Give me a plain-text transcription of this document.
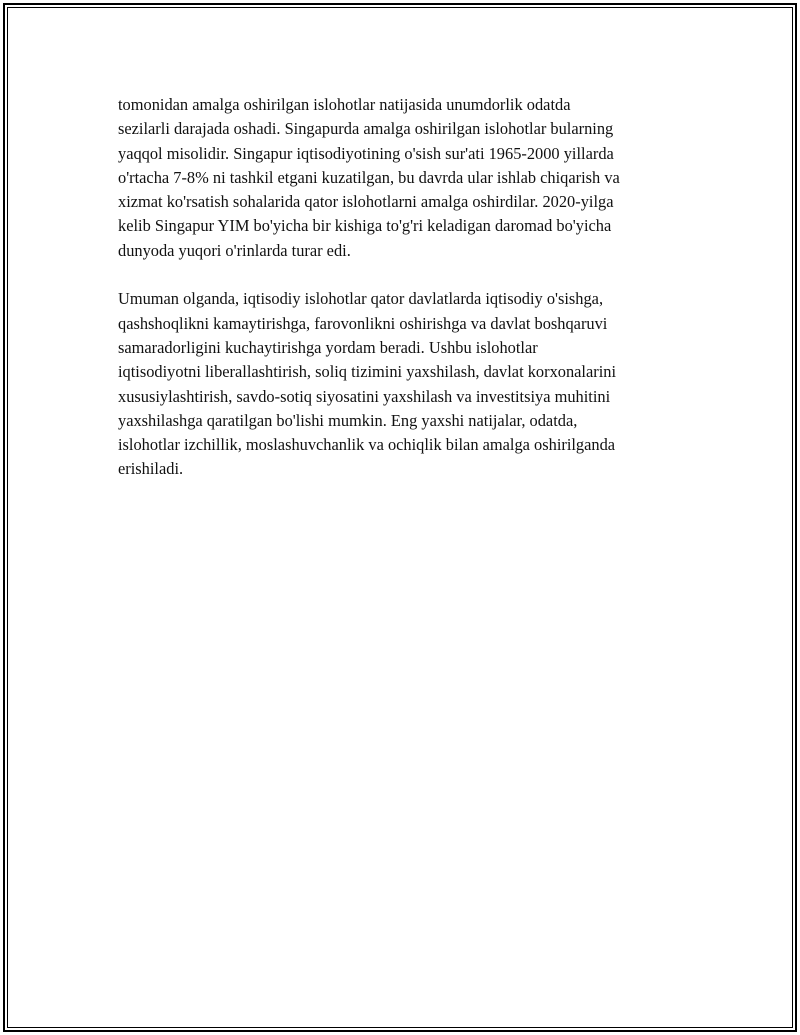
tomonidan amalga oshirilgan islohotlar natijasida unumdorlik odatda
sezilarli darajada oshadi. Singapurda amalga oshirilgan islohotlar bularning
yaqqol misolidir. Singapur iqtisodiyotining o'sish sur'ati 1965-2000 yillarda
o'rtacha 7-8% ni tashkil etgani kuzatilgan, bu davrda ular ishlab chiqarish va
xizmat ko'rsatish sohalarida qator islohotlarni amalga oshirdilar. 2020-yilga
kelib Singapur YIM bo'yicha bir kishiga to'g'ri keladigan daromad bo'yicha
dunyoda yuqori o'rinlarda turar edi.

Umuman olganda, iqtisodiy islohotlar qator davlatlarda iqtisodiy o'sishga,
qashshoqlikni kamaytirishga, farovonlikni oshirishga va davlat boshqaruvi
samaradorligini kuchaytirishga yordam beradi. Ushbu islohotlar
iqtisodiyotni liberallashtirish, soliq tizimini yaxshilash, davlat korxonalarini
xususiylashtirish, savdo-sotiq siyosatini yaxshilash va investitsiya muhitini
yaxshilashga qaratilgan bo'lishi mumkin. Eng yaxshi natijalar, odatda,
islohotlar izchillik, moslashuvchanlik va ochiqlik bilan amalga oshirilganda
erishiladi.
